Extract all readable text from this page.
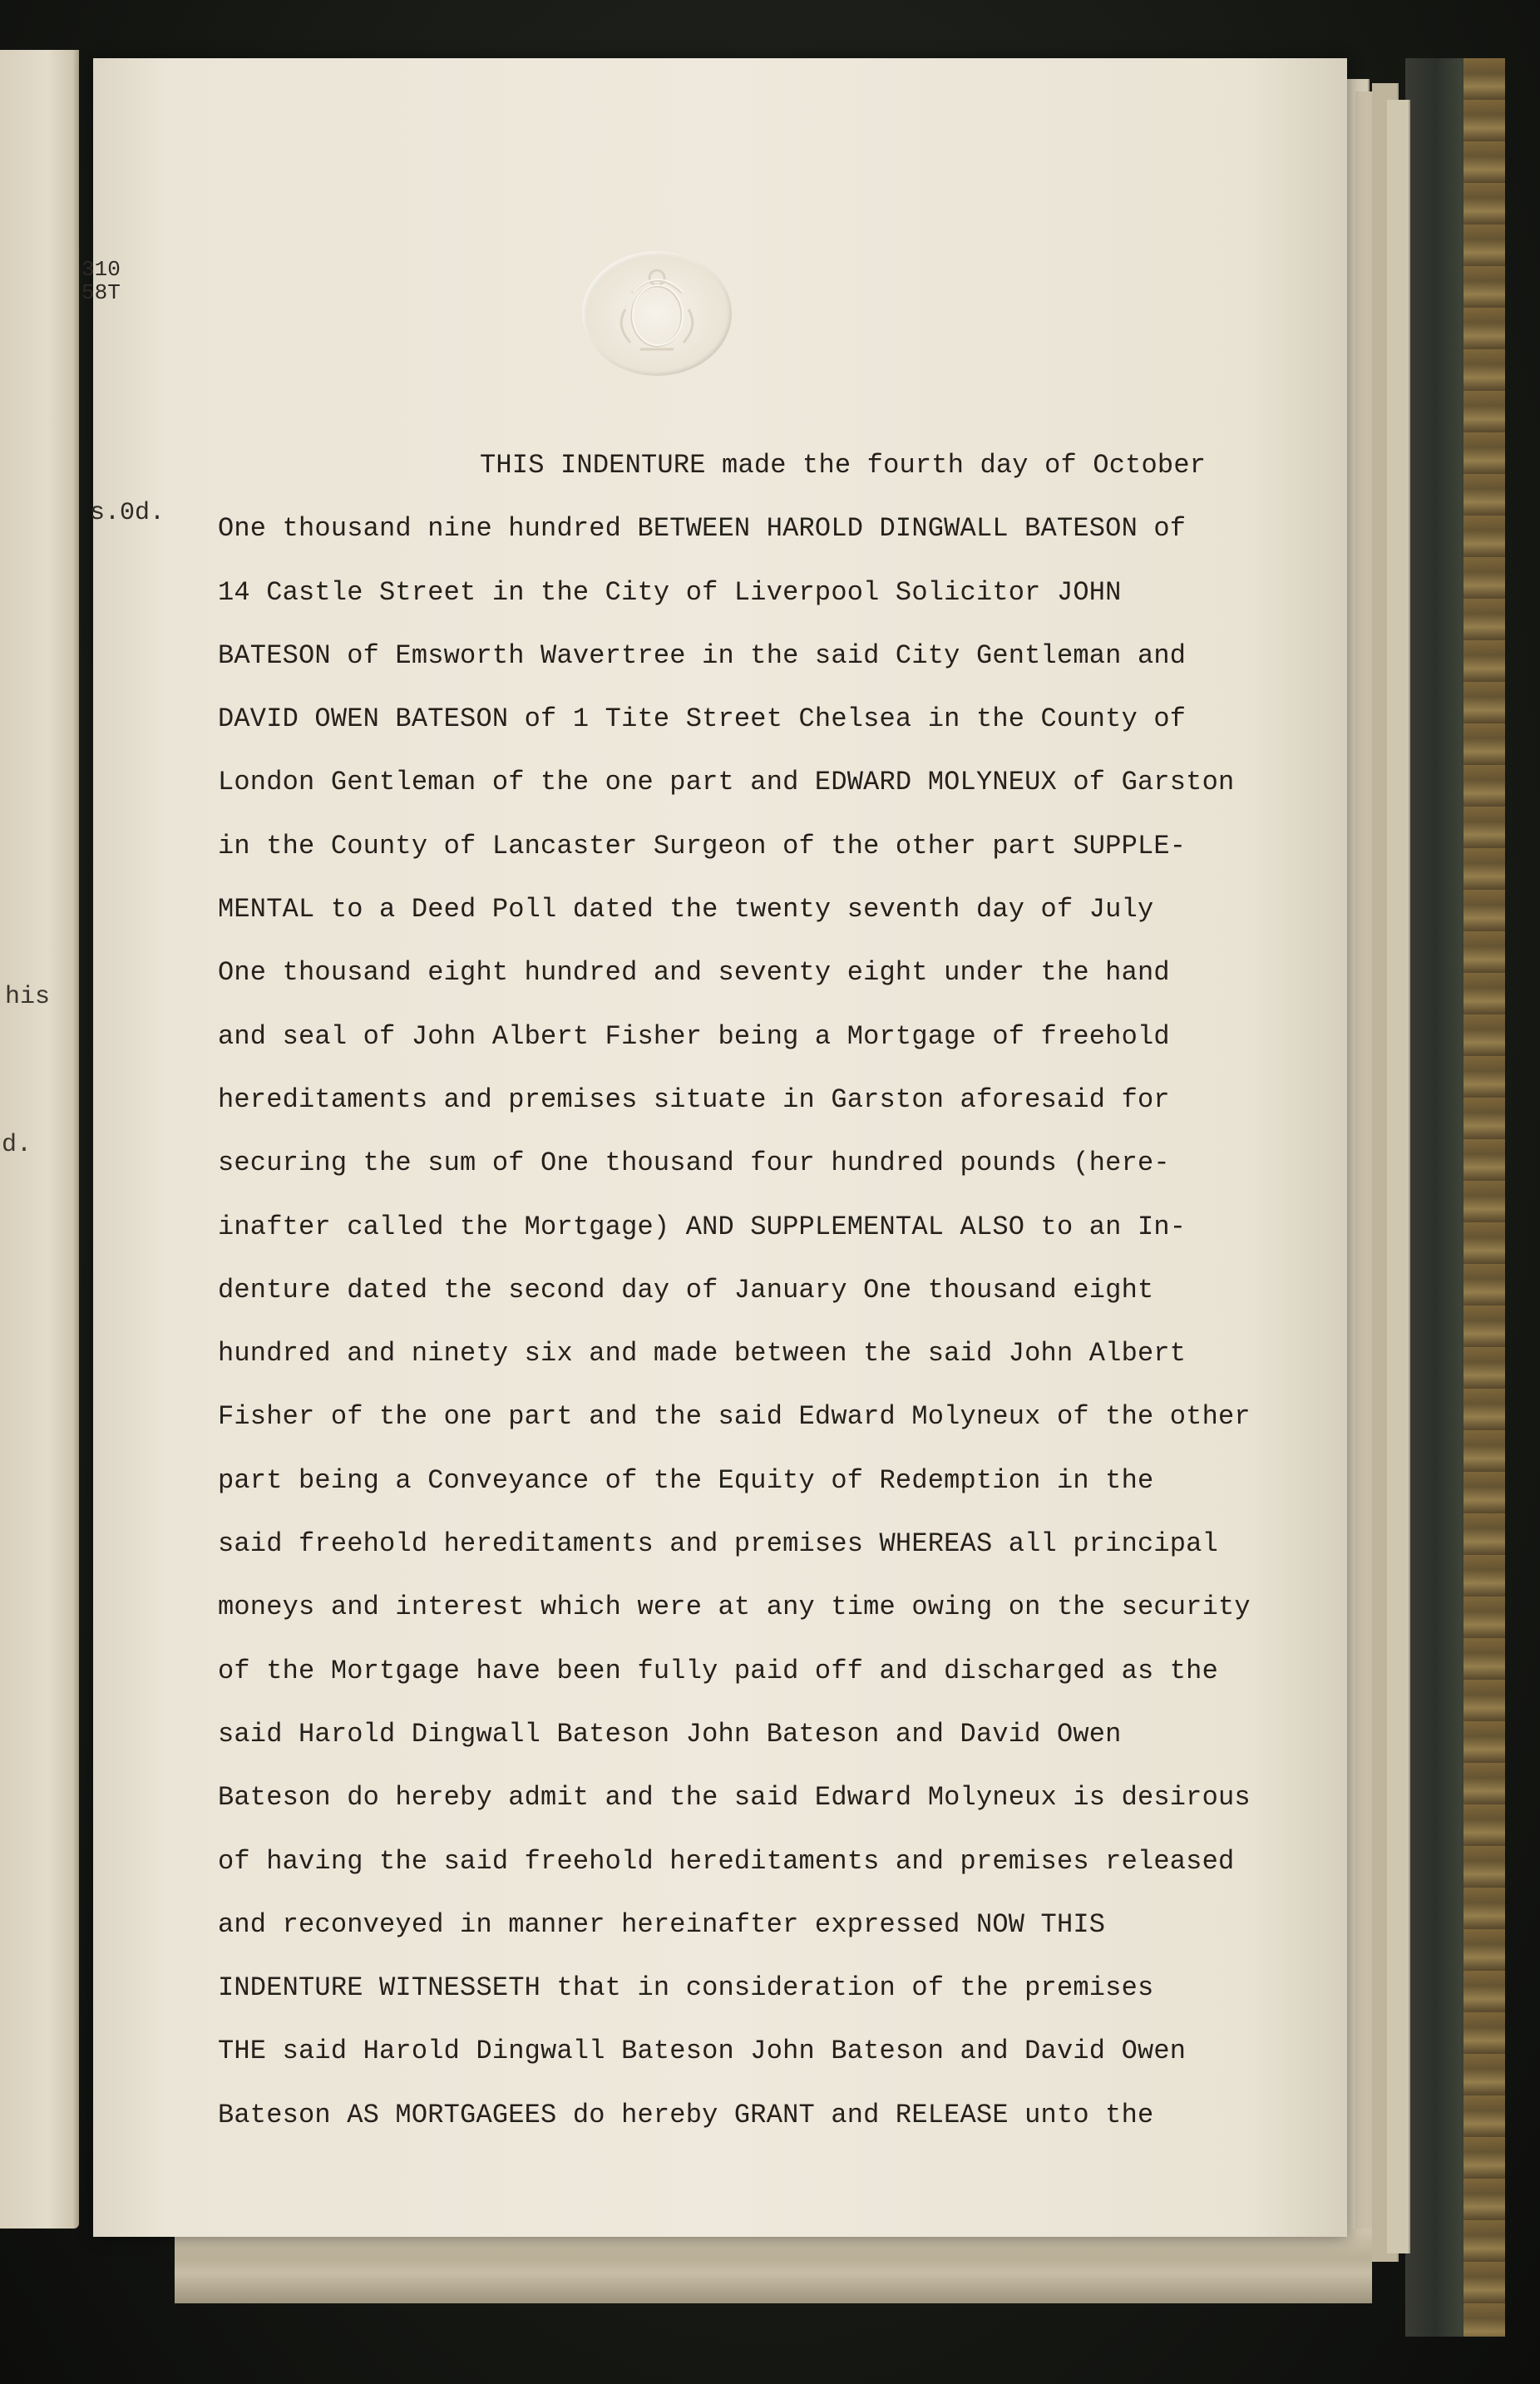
his
d.
310
58T
s.0d.
THIS INDENTURE made the fourth day of October
One thousand nine hundred BETWEEN HAROLD DINGWALL BATESON of
14 Castle Street in the City of Liverpool Solicitor JOHN
BATESON of Emsworth Wavertree in the said City Gentleman and
DAVID OWEN BATESON of 1 Tite Street Chelsea in the County of
London Gentleman of the one part and EDWARD MOLYNEUX of Garston
in the County of Lancaster Surgeon of the other part SUPPLE-
MENTAL to a Deed Poll dated the twenty seventh day of July
One thousand eight hundred and seventy eight under the hand
and seal of John Albert Fisher being a Mortgage of freehold
hereditaments and premises situate in Garston aforesaid for
securing the sum of One thousand four hundred pounds (here-
inafter called the Mortgage) AND SUPPLEMENTAL ALSO to an In-
denture dated the second day of January One thousand eight
hundred and ninety six and made between the said John Albert
Fisher of the one part and the said Edward Molyneux of the other
part being a Conveyance of the Equity of Redemption in the
said freehold hereditaments and premises WHEREAS all principal
moneys and interest which were at any time owing on the security
of the Mortgage have been fully paid off and discharged as the
said Harold Dingwall Bateson John Bateson and David Owen
Bateson do hereby admit and the said Edward Molyneux is desirous
of having the said freehold hereditaments and premises released
and reconveyed in manner hereinafter expressed NOW THIS
INDENTURE WITNESSETH that in consideration of the premises
THE said Harold Dingwall Bateson John Bateson and David Owen
Bateson AS MORTGAGEES do hereby GRANT and RELEASE unto the
